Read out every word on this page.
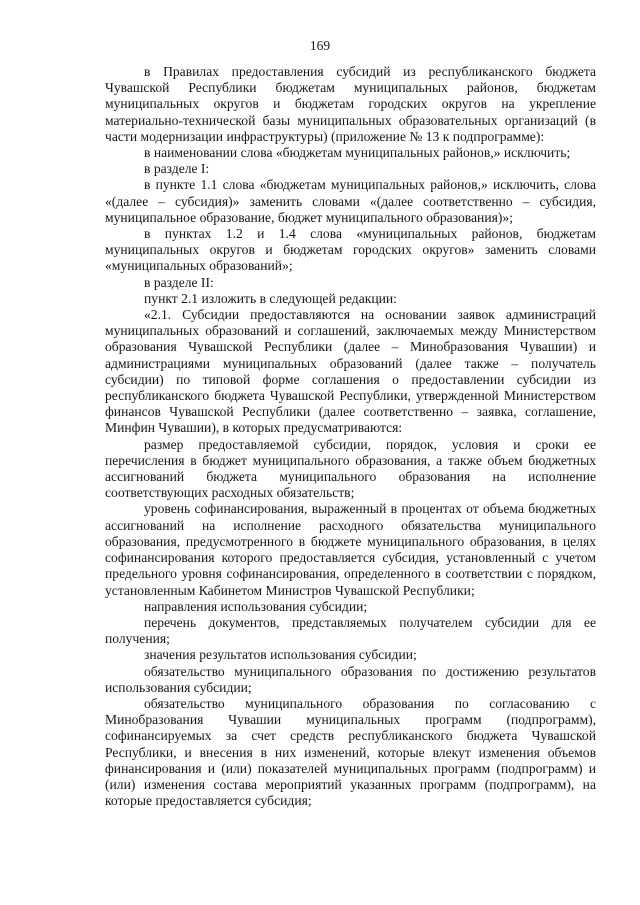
169

в Правилах предоставления субсидий из республиканского бюджета Чувашской Республики бюджетам муниципальных районов, бюджетам муниципальных округов и бюджетам городских округов на укрепление материально-технической базы муниципальных образовательных организаций (в части модернизации инфраструктуры) (приложение № 13 к подпрограмме):

в наименовании слова «бюджетам муниципальных районов,» исключить;

в разделе I:

в пункте 1.1 слова «бюджетам муниципальных районов,» исключить, слова «(далее – субсидия)» заменить словами «(далее соответственно – субсидия, муниципальное образование, бюджет муниципального образования)»;

в пунктах 1.2 и 1.4 слова «муниципальных районов, бюджетам муниципальных округов и бюджетам городских округов» заменить словами «муниципальных образований»;

в разделе II:

пункт 2.1 изложить в следующей редакции:

«2.1. Субсидии предоставляются на основании заявок администраций муниципальных образований и соглашений, заключаемых между Министерством образования Чувашской Республики (далее – Минобразования Чувашии) и администрациями муниципальных образований (далее также – получатель субсидии) по типовой форме соглашения о предоставлении субсидии из республиканского бюджета Чувашской Республики, утвержденной Министерством финансов Чувашской Республики (далее соответственно – заявка, соглашение, Минфин Чувашии), в которых предусматриваются:

размер предоставляемой субсидии, порядок, условия и сроки ее перечисления в бюджет муниципального образования, а также объем бюджетных ассигнований бюджета муниципального образования на исполнение соответствующих расходных обязательств;

уровень софинансирования, выраженный в процентах от объема бюджетных ассигнований на исполнение расходного обязательства муниципального образования, предусмотренного в бюджете муниципального образования, в целях софинансирования которого предоставляется субсидия, установленный с учетом предельного уровня софинансирования, определенного в соответствии с порядком, установленным Кабинетом Министров Чувашской Республики;

направления использования субсидии;

перечень документов, представляемых получателем субсидии для ее получения;

значения результатов использования субсидии;

обязательство муниципального образования по достижению результатов использования субсидии;

обязательство муниципального образования по согласованию с Минобразования Чувашии муниципальных программ (подпрограмм), софинансируемых за счет средств республиканского бюджета Чувашской Республики, и внесения в них изменений, которые влекут изменения объемов финансирования и (или) показателей муниципальных программ (подпрограмм) и (или) изменения состава мероприятий указанных программ (подпрограмм), на которые предоставляется субсидия;
